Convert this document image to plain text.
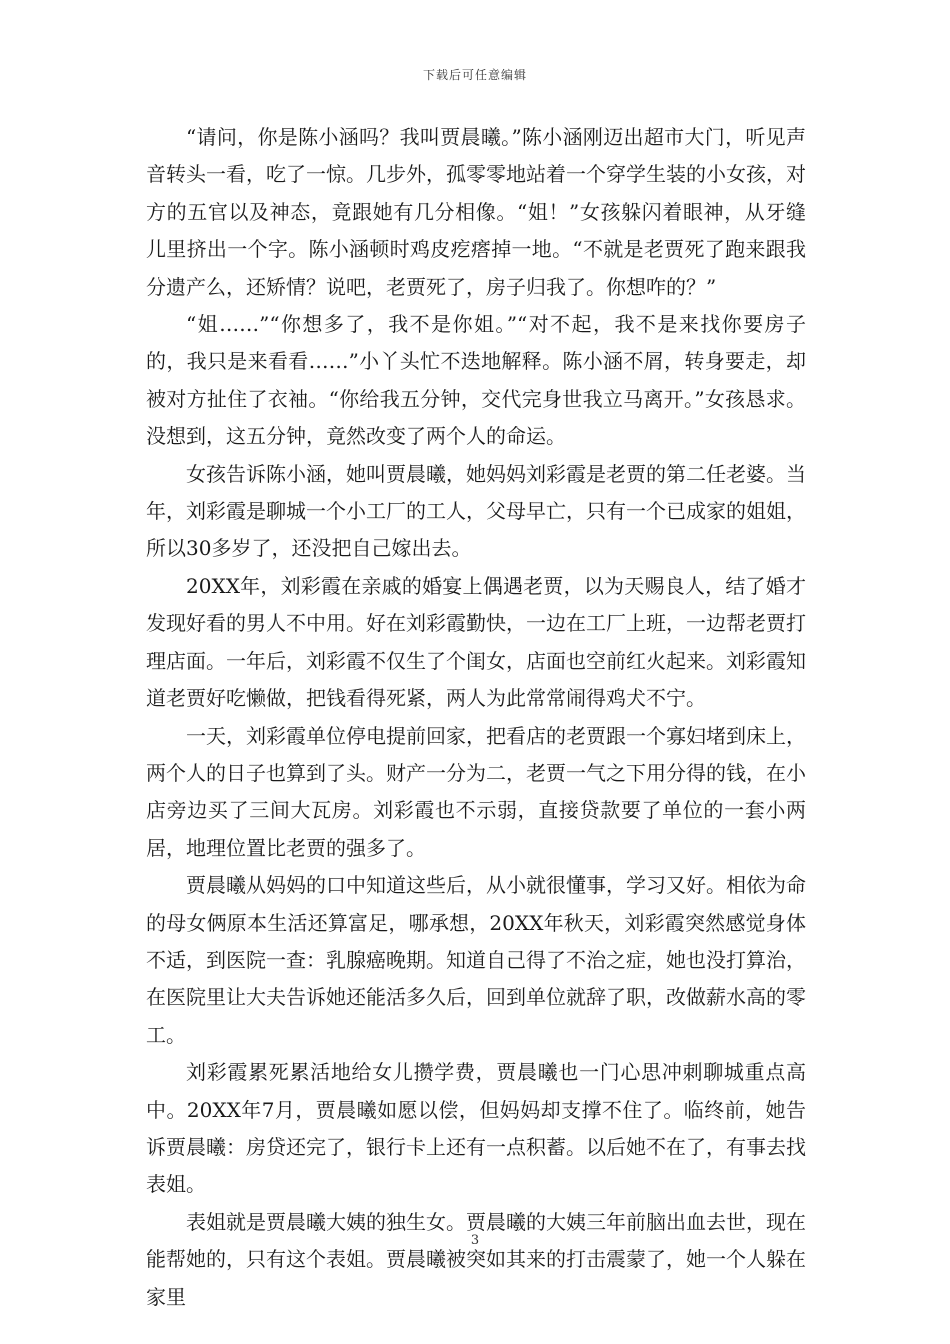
下载后可任意编辑

“请问，你是陈小涵吗？我叫贾晨曦。”陈小涵刚迈出超市大门，听见声音转头一看，吃了一惊。几步外，孤零零地站着一个穿学生装的小女孩，对方的五官以及神态，竟跟她有几分相像。“姐！”女孩躲闪着眼神，从牙缝儿里挤出一个字。陈小涵顿时鸡皮疙瘩掉一地。“不就是老贾死了跑来跟我分遗产么，还矫情？说吧，老贾死了，房子归我了。你想咋的？”

“姐……”“你想多了，我不是你姐。”“对不起，我不是来找你要房子的，我只是来看看……”小丫头忙不迭地解释。陈小涵不屑，转身要走，却被对方扯住了衣袖。“你给我五分钟，交代完身世我立马离开。”女孩恳求。没想到，这五分钟，竟然改变了两个人的命运。

女孩告诉陈小涵，她叫贾晨曦，她妈妈刘彩霞是老贾的第二任老婆。当年，刘彩霞是聊城一个小工厂的工人，父母早亡，只有一个已成家的姐姐，所以30多岁了，还没把自己嫁出去。

20XX年，刘彩霞在亲戚的婚宴上偶遇老贾，以为天赐良人，结了婚才发现好看的男人不中用。好在刘彩霞勤快，一边在工厂上班，一边帮老贾打理店面。一年后，刘彩霞不仅生了个闺女，店面也空前红火起来。刘彩霞知道老贾好吃懒做，把钱看得死紧，两人为此常常闹得鸡犬不宁。

一天，刘彩霞单位停电提前回家，把看店的老贾跟一个寡妇堵到床上，两个人的日子也算到了头。财产一分为二，老贾一气之下用分得的钱，在小店旁边买了三间大瓦房。刘彩霞也不示弱，直接贷款要了单位的一套小两居，地理位置比老贾的强多了。

贾晨曦从妈妈的口中知道这些后，从小就很懂事，学习又好。相依为命的母女俩原本生活还算富足，哪承想，20XX年秋天，刘彩霞突然感觉身体不适，到医院一查：乳腺癌晚期。知道自己得了不治之症，她也没打算治，在医院里让大夫告诉她还能活多久后，回到单位就辞了职，改做薪水高的零工。

刘彩霞累死累活地给女儿攒学费，贾晨曦也一门心思冲刺聊城重点高中。20XX年7月，贾晨曦如愿以偿，但妈妈却支撑不住了。临终前，她告诉贾晨曦：房贷还完了，银行卡上还有一点积蓄。以后她不在了，有事去找表姐。

表姐就是贾晨曦大姨的独生女。贾晨曦的大姨三年前脑出血去世，现在能帮她的，只有这个表姐。贾晨曦被突如其来的打击震蒙了，她一个人躲在家里

3
